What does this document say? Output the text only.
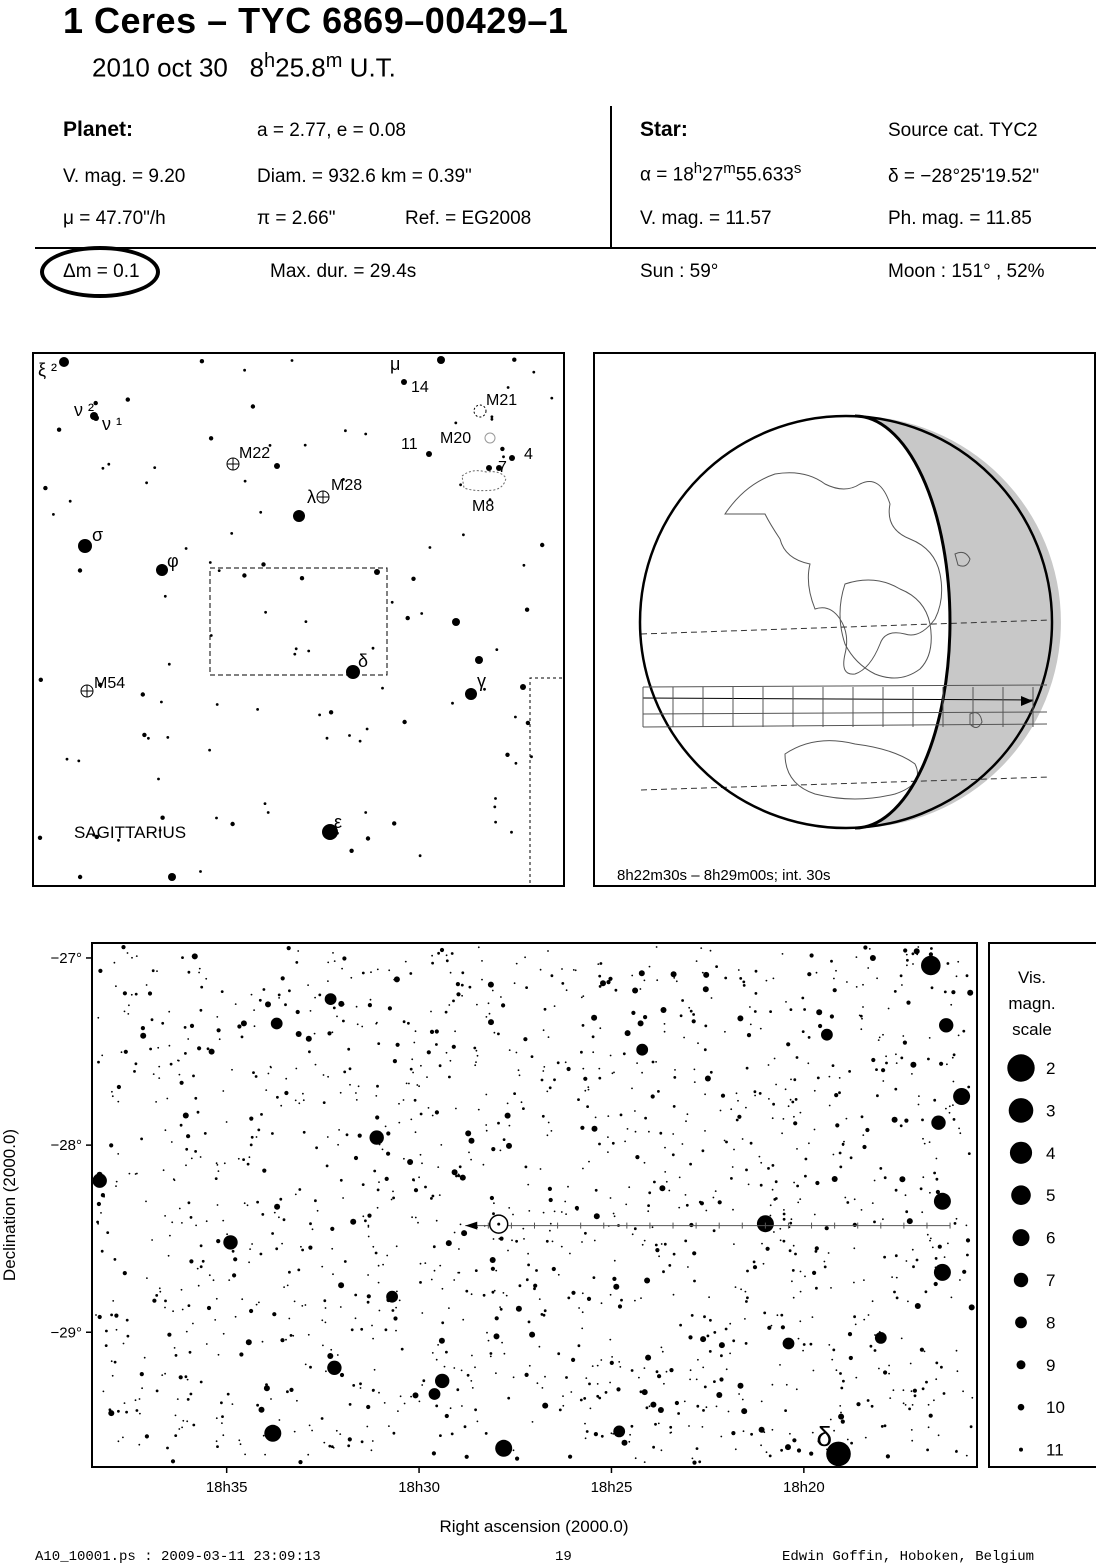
1 Ceres – TYC 6869–00429–1
2010 oct 30 8$^h$25.8$^m$ U.T.
Planet:	a = 2.77, e = 0.08
V. mag. = 9.20	Diam. = 932.6 km = 0.39"
μ = 47.70"/h	π = 2.66"	Ref. = EG2008
Star:	Source cat. TYC2
$\alpha = 18^h27^m55.633^s$	δ = −28°25'19.52"
V. mag. = 11.57	Ph. mag. = 11.85
Δm = 0.1	Max. dur. = 29.4s	Sun : 59°	Moon : 151° , 52%
ξ ²
ν ²
ν ¹
μ
14
M21
M20
11
4
7
M8
M22
M28
λ
σ
φ
δ
γ
M54
ε
SAGITTARIUS
8h22m30s – 8h29m00s; int. 30s
18h35	18h30	18h25	18h20
−27°
−28°
−29°
δ
Right ascension (2000.0)
Declination (2000.0)
Vis.
magn.
scale
2
3
4
5
6
7
8
9
10
11
A10_10001.ps : 2009-03-11 23:09:13	19	Edwin Goffin, Hoboken, Belgium
